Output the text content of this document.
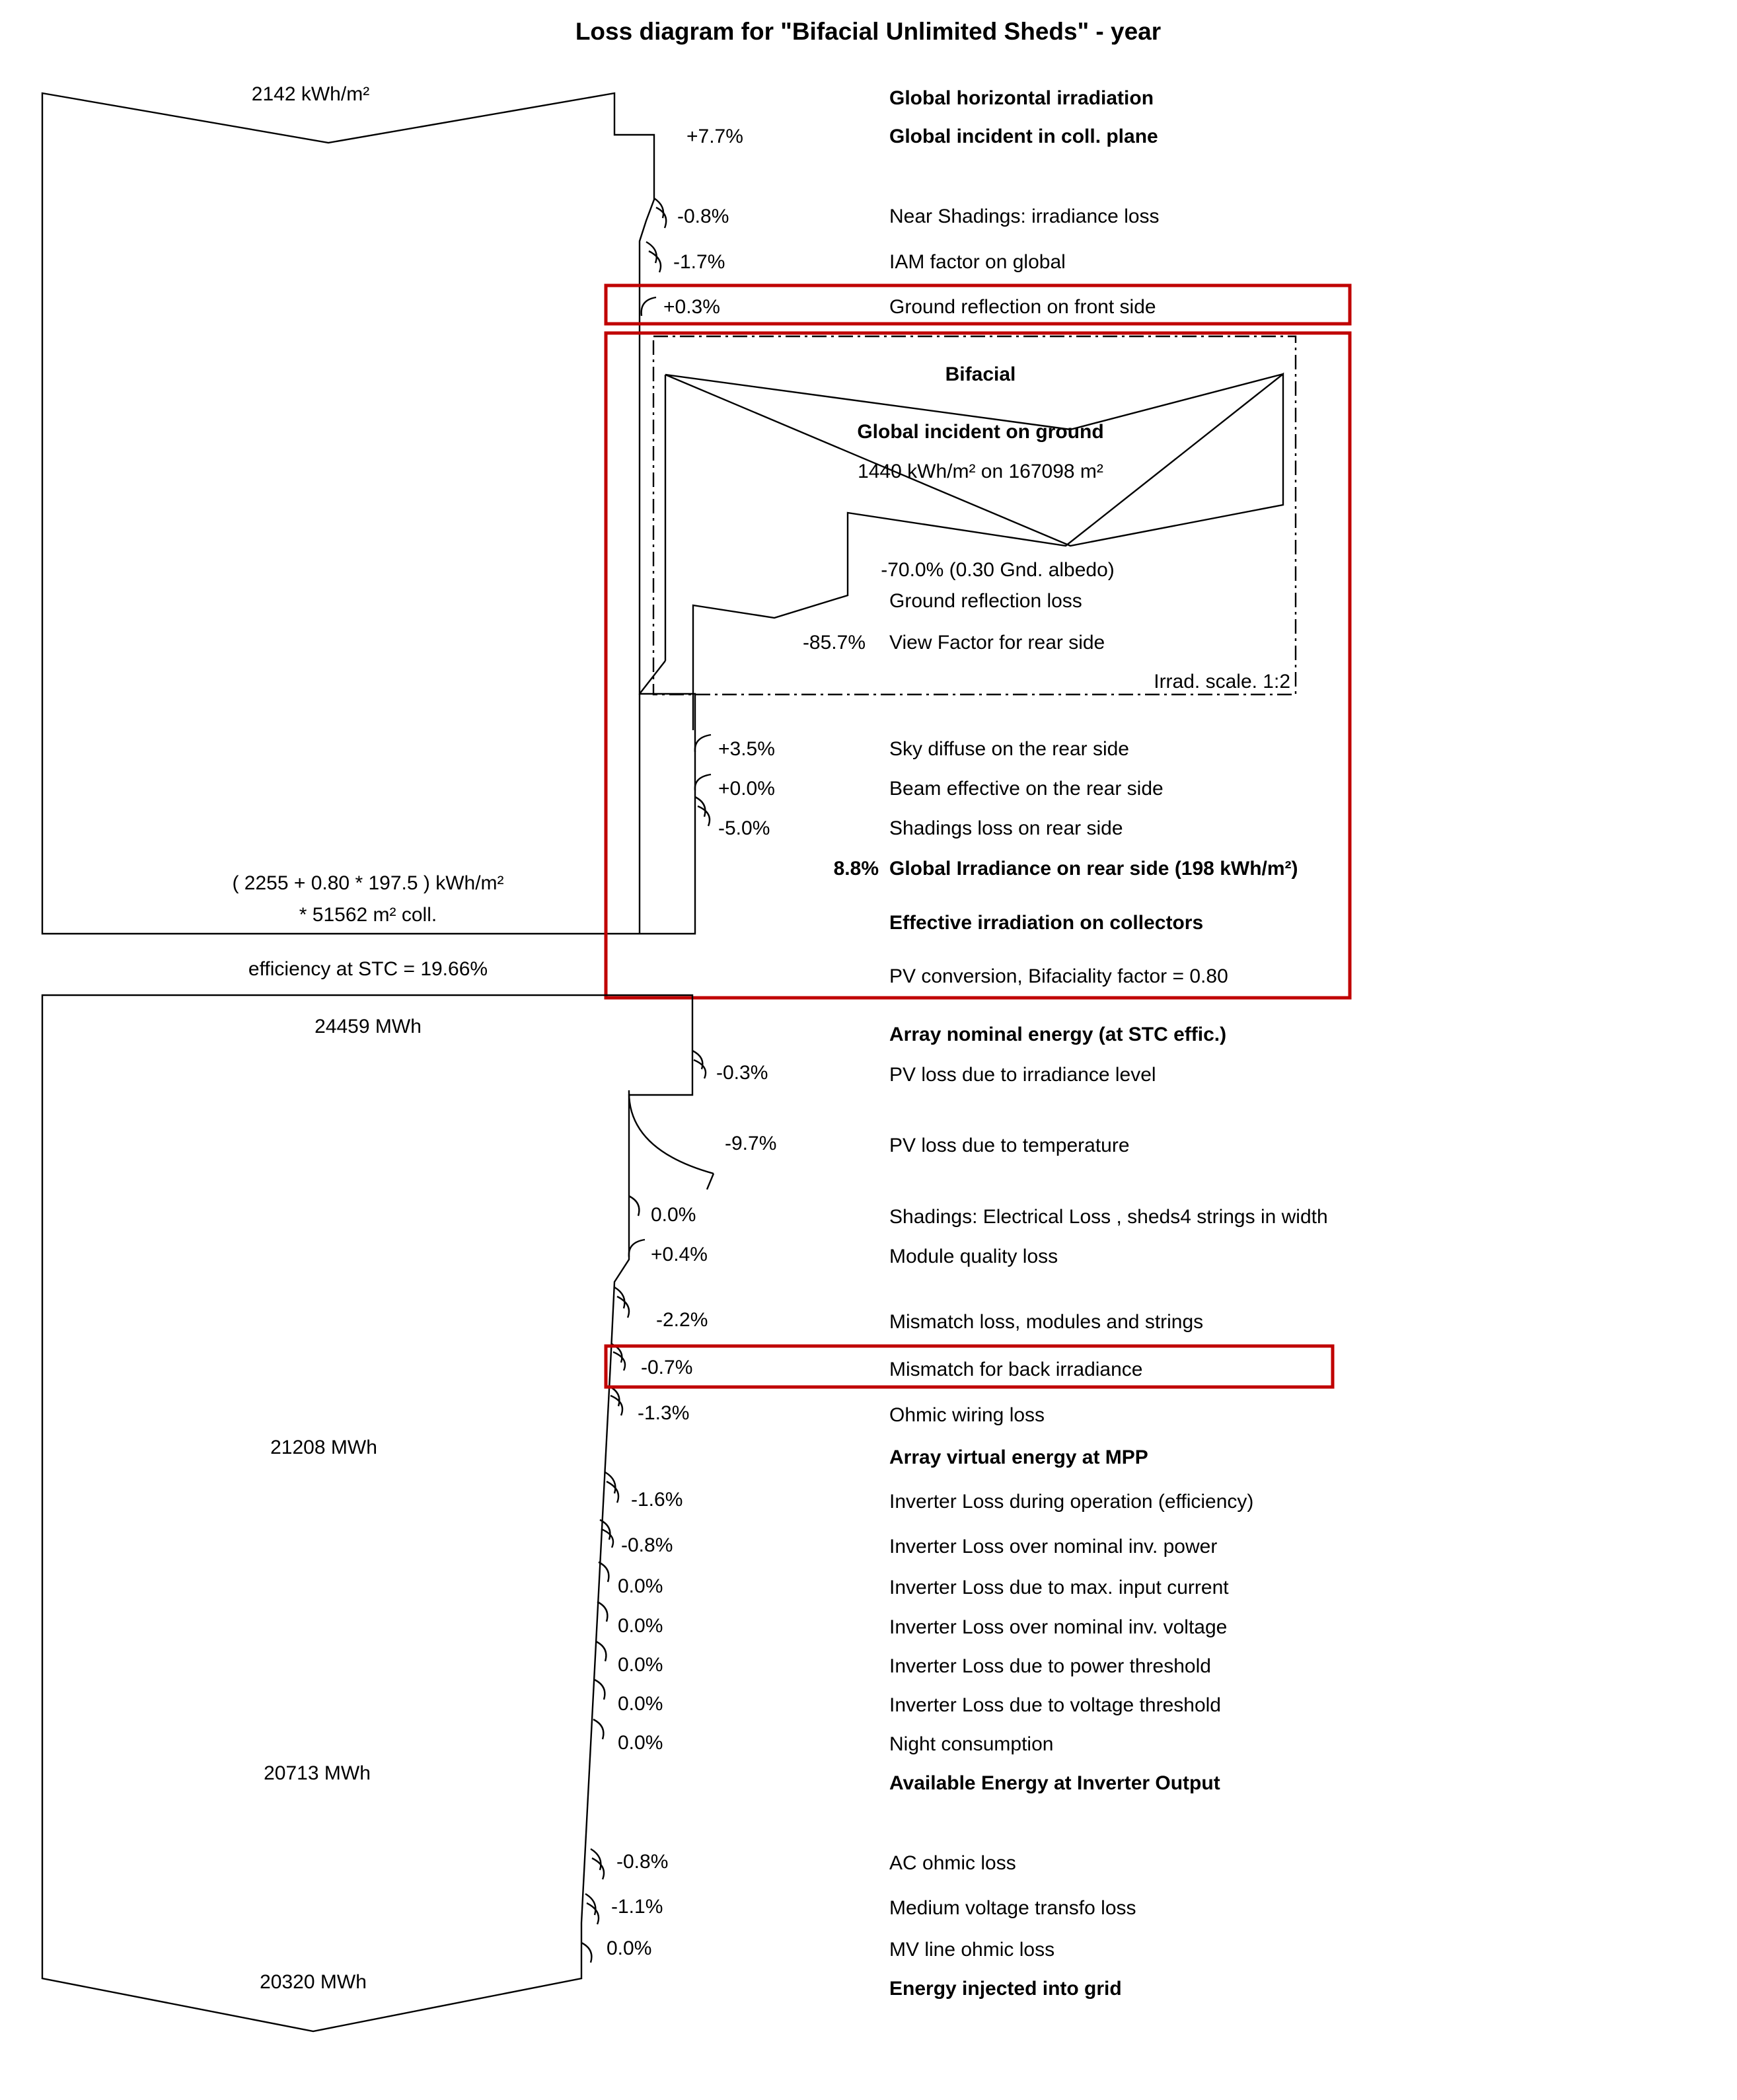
Loss diagram for "Bifacial Unlimited Sheds" - year
2142 kWh/m²
( 2255 + 0.80 * 197.5 ) kWh/m²
* 51562 m² coll.
efficiency at STC = 19.66%
24459 MWh
21208 MWh
20713 MWh
20320 MWh
Bifacial
Global incident on ground
1440 kWh/m² on 167098 m²
-70.0% (0.30 Gnd. albedo)
Ground reflection loss
-85.7% View Factor for rear side
Irrad. scale. 1:2
+7.7%
-0.8%
-1.7%
+0.3%
+3.5%
+0.0%
-5.0%
8.8%
-0.3%
-9.7%
0.0%
+0.4%
-2.2%
-0.7%
-1.3%
-1.6%
-0.8%
0.0%
0.0%
0.0%
0.0%
0.0%
-0.8%
-1.1%
0.0%
Global horizontal irradiation
Global incident in coll. plane
Near Shadings: irradiance loss
IAM factor on global
Ground reflection on front side
Sky diffuse on the rear side
Beam effective on the rear side
Shadings loss on rear side
Global Irradiance on rear side (198 kWh/m²)
Effective irradiation on collectors
PV conversion, Bifaciality factor = 0.80
Array nominal energy (at STC effic.)
PV loss due to irradiance level
PV loss due to temperature
Shadings: Electrical Loss , sheds4 strings in width
Module quality loss
Mismatch loss, modules and strings
Mismatch for back irradiance
Ohmic wiring loss
Array virtual energy at MPP
Inverter Loss during operation (efficiency)
Inverter Loss over nominal inv. power
Inverter Loss due to max. input current
Inverter Loss over nominal inv. voltage
Inverter Loss due to power threshold
Inverter Loss due to voltage threshold
Night consumption
Available Energy at Inverter Output
AC ohmic loss
Medium voltage transfo loss
MV line ohmic loss
Energy injected into grid
